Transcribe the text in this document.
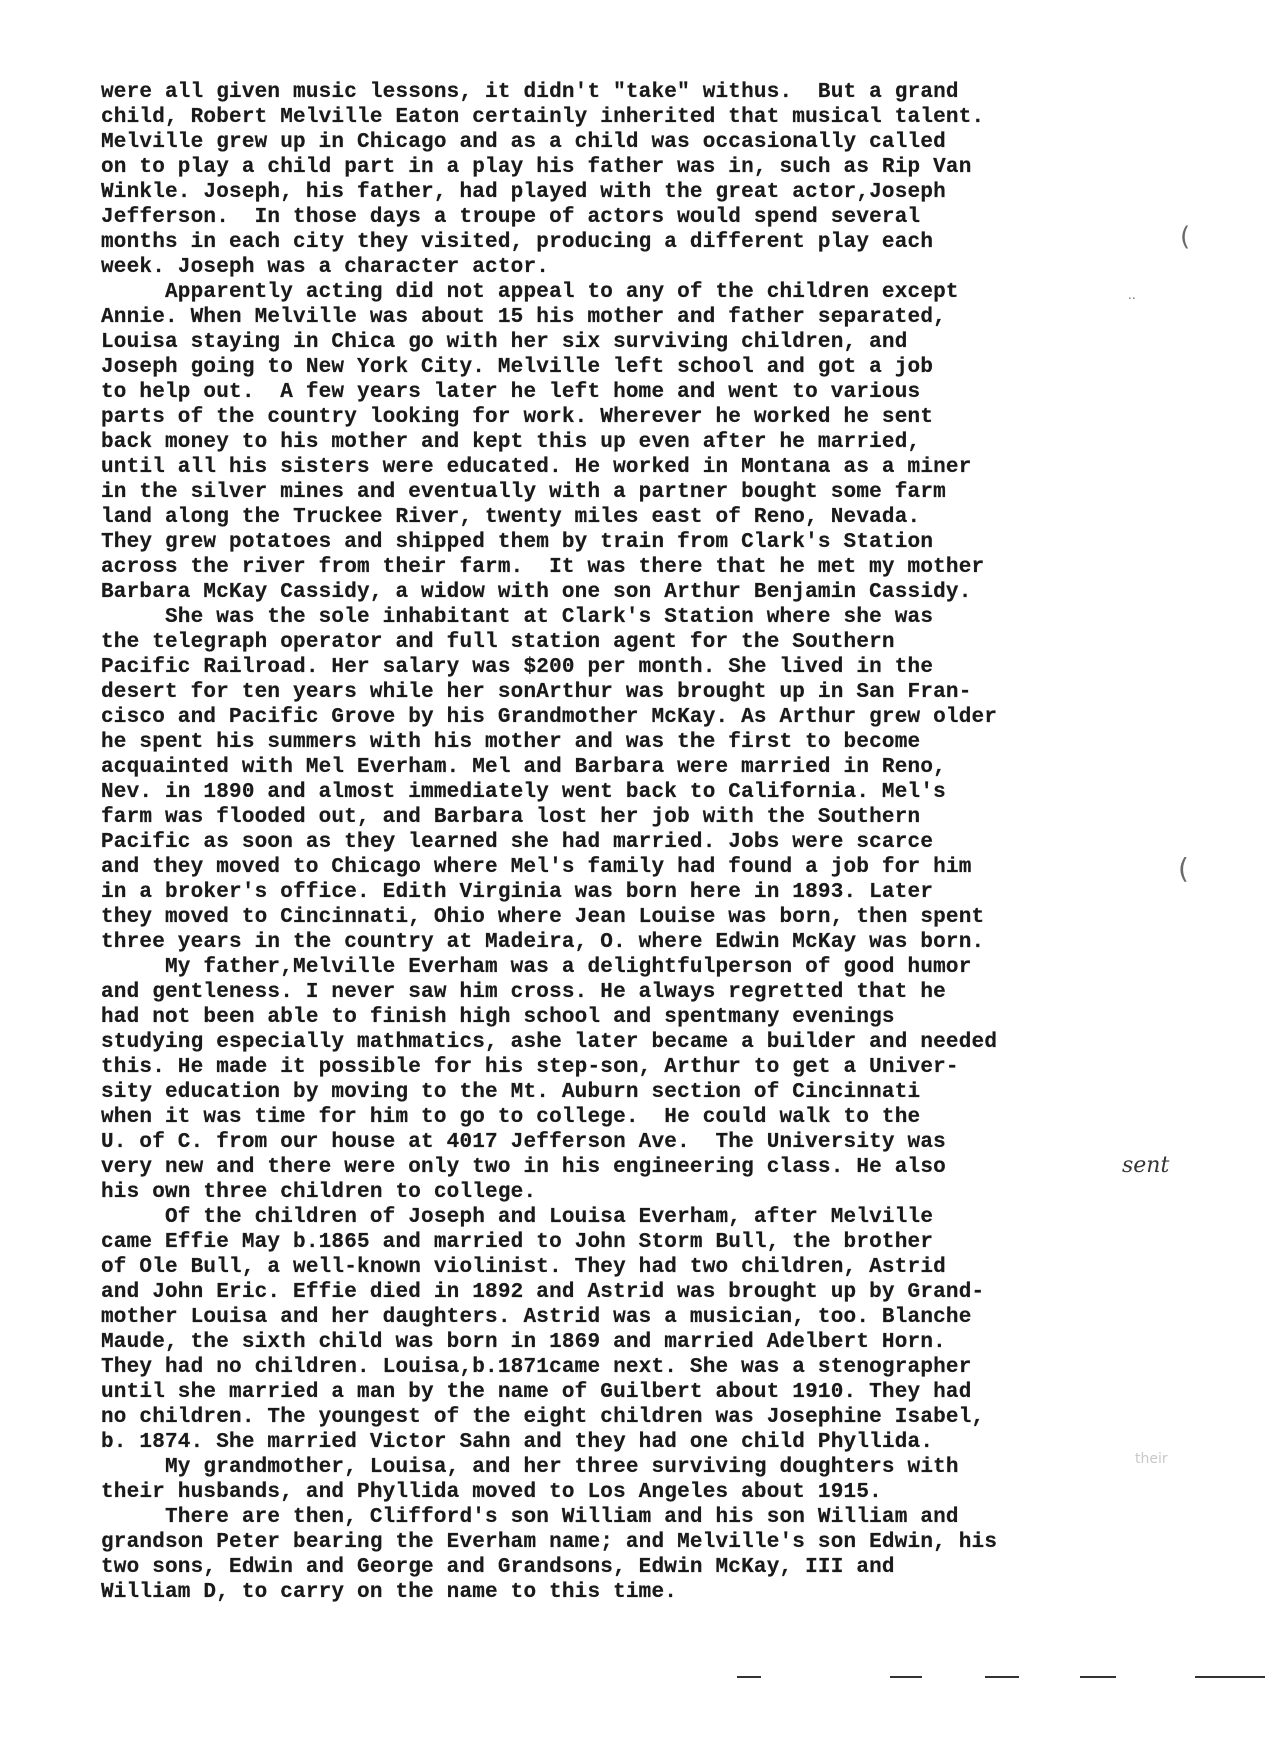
were all given music lessons, it didn't "take" withus.  But a grand
child, Robert Melville Eaton certainly inherited that musical talent.
Melville grew up in Chicago and as a child was occasionally called
on to play a child part in a play his father was in, such as Rip Van
Winkle. Joseph, his father, had played with the great actor,Joseph
Jefferson.  In those days a troupe of actors would spend several
months in each city they visited, producing a different play each
week. Joseph was a character actor.
Apparently acting did not appeal to any of the children except
Annie. When Melville was about 15 his mother and father separated,
Louisa staying in Chica go with her six surviving children, and
Joseph going to New York City. Melville left school and got a job
to help out.  A few years later he left home and went to various
parts of the country looking for work. Wherever he worked he sent
back money to his mother and kept this up even after he married,
until all his sisters were educated. He worked in Montana as a miner
in the silver mines and eventually with a partner bought some farm
land along the Truckee River, twenty miles east of Reno, Nevada.
They grew potatoes and shipped them by train from Clark's Station
across the river from their farm.  It was there that he met my mother
Barbara McKay Cassidy, a widow with one son Arthur Benjamin Cassidy.
She was the sole inhabitant at Clark's Station where she was
the telegraph operator and full station agent for the Southern
Pacific Railroad. Her salary was $200 per month. She lived in the
desert for ten years while her sonArthur was brought up in San Fran-
cisco and Pacific Grove by his Grandmother McKay. As Arthur grew older
he spent his summers with his mother and was the first to become
acquainted with Mel Everham. Mel and Barbara were married in Reno,
Nev. in 1890 and almost immediately went back to California. Mel's
farm was flooded out, and Barbara lost her job with the Southern
Pacific as soon as they learned she had married. Jobs were scarce
and they moved to Chicago where Mel's family had found a job for him
in a broker's office. Edith Virginia was born here in 1893. Later
they moved to Cincinnati, Ohio where Jean Louise was born, then spent
three years in the country at Madeira, O. where Edwin McKay was born.
My father,Melville Everham was a delightfulperson of good humor
and gentleness. I never saw him cross. He always regretted that he
had not been able to finish high school and spentmany evenings
studying especially mathmatics, ashe later became a builder and needed
this. He made it possible for his step-son, Arthur to get a Univer-
sity education by moving to the Mt. Auburn section of Cincinnati
when it was time for him to go to college.  He could walk to the
U. of C. from our house at 4017 Jefferson Ave.  The University was
very new and there were only two in his engineering class. He also
his own three children to college.
Of the children of Joseph and Louisa Everham, after Melville
came Effie May b.1865 and married to John Storm Bull, the brother
of Ole Bull, a well-known violinist. They had two children, Astrid
and John Eric. Effie died in 1892 and Astrid was brought up by Grand-
mother Louisa and her daughters. Astrid was a musician, too. Blanche
Maude, the sixth child was born in 1869 and married Adelbert Horn.
They had no children. Louisa,b.1871came next. She was a stenographer
until she married a man by the name of Guilbert about 1910. They had
no children. The youngest of the eight children was Josephine Isabel,
b. 1874. She married Victor Sahn and they had one child Phyllida.
My grandmother, Louisa, and her three surviving doughters with
their husbands, and Phyllida moved to Los Angeles about 1915.
There are then, Clifford's son William and his son William and
grandson Peter bearing the Everham name; and Melville's son Edwin, his
two sons, Edwin and George and Grandsons, Edwin McKay, III and
William D, to carry on the name to this time.
sent
..
their
(
(
